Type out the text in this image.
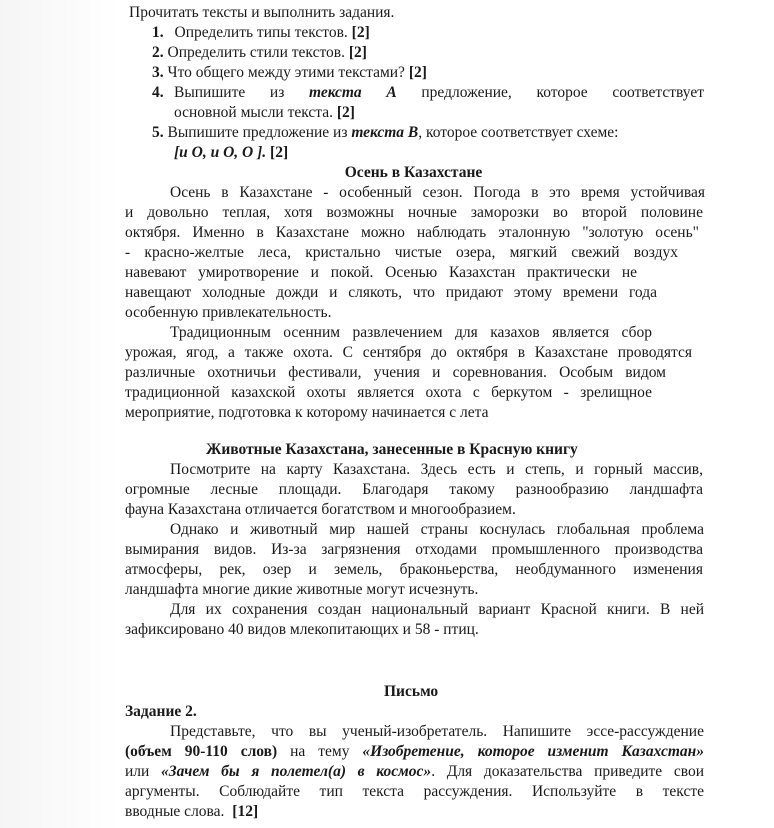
Прочитать тексты и выполнить задания.

1. Определить типы текстов. [2]

2. Определить стили текстов. [2]

3. Что общего между этими текстами? [2]

4. Выпишите из текста А предложение, которое соответствует

основной мысли текста. [2]

5. Выпишите предложение из текста В, которое соответствует схеме:

[и О, и О, О ]. [2]

Осень в Казахстане

Осень в Казахстане - особенный сезон. Погода в это время устойчивая

и довольно теплая, хотя возможны ночные заморозки во второй половине

октября. Именно в Казахстане можно наблюдать эталонную "золотую осень"

- красно-желтые леса, кристально чистые озера, мягкий свежий воздух

навевают умиротворение и покой. Осенью Казахстан практически не

навещают холодные дожди и слякоть, что придают этому времени года

особенную привлекательность.

Традиционным осенним развлечением для казахов является сбор

урожая, ягод, а также охота. С сентября до октября в Казахстане проводятся

различные охотничьи фестивали, учения и соревнования. Особым видом

традиционной казахской охоты является охота с беркутом - зрелищное

мероприятие, подготовка к которому начинается с лета

Животные Казахстана, занесенные в Красную книгу

Посмотрите на карту Казахстана. Здесь есть и степь, и горный массив,

огромные лесные площади. Благодаря такому разнообразию ландшафта

фауна Казахстана отличается богатством и многообразием.

Однако и животный мир нашей страны коснулась глобальная проблема

вымирания видов. Из-за загрязнения отходами промышленного производства

атмосферы, рек, озер и земель, браконьерства, необдуманного изменения

ландшафта многие дикие животные могут исчезнуть.

Для их сохранения создан национальный вариант Красной книги. В ней

зафиксировано 40 видов млекопитающих и 58 - птиц.

Письмо

Задание 2.

Представьте, что вы ученый-изобретатель. Напишите эссе-рассуждение

(объем 90-110 слов) на тему «Изобретение, которое изменит Казахстан»

или «Зачем бы я полетел(а) в космос». Для доказательства приведите свои

аргументы. Соблюдайте тип текста рассуждения. Используйте в тексте

вводные слова. [12]
